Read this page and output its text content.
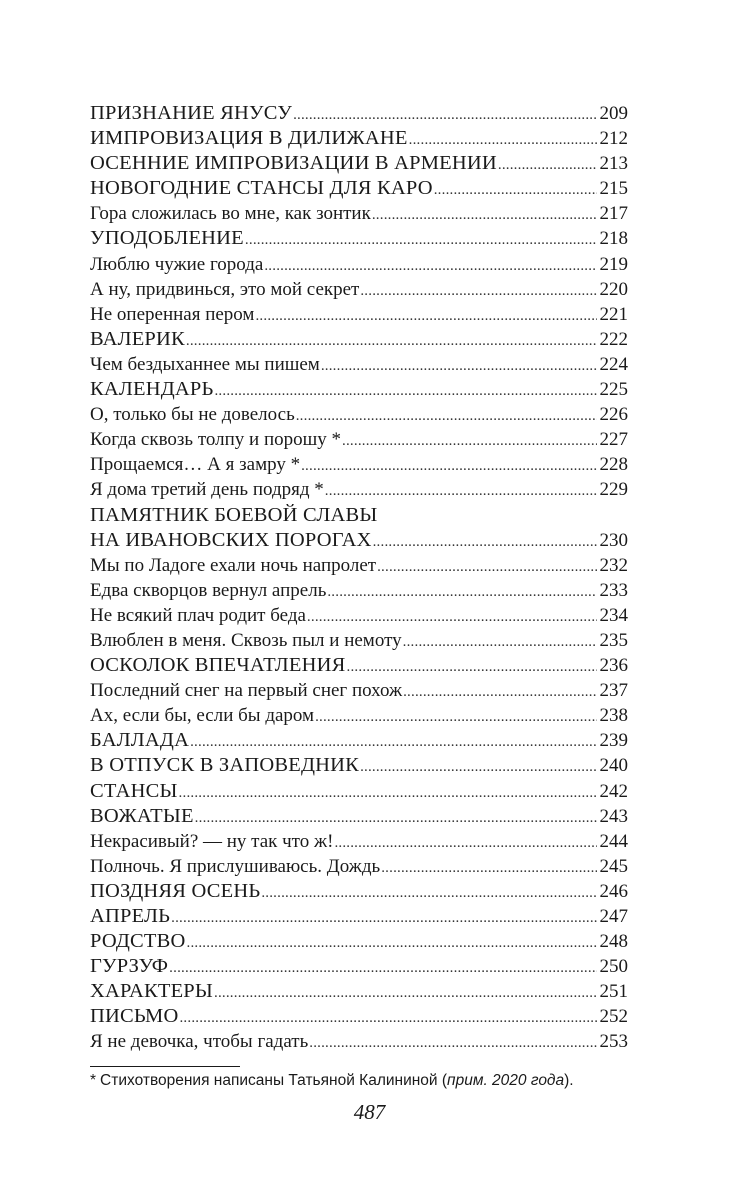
ПРИЗНАНИЕ ЯНУСУ .....	209
ИМПРОВИЗАЦИЯ В ДИЛИЖАНЕ .....	212
ОСЕННИЕ ИМПРОВИЗАЦИИ В АРМЕНИИ .....	213
НОВОГОДНИЕ СТАНСЫ ДЛЯ КАРО .....	215
Гора сложилась во мне, как зонтик .....	217
УПОДОБЛЕНИЕ .....	218
Люблю чужие города .....	219
А ну, придвинься, это мой секрет .....	220
Не оперенная пером .....	221
ВАЛЕРИК .....	222
Чем бездыханнее мы пишем .....	224
КАЛЕНДАРЬ .....	225
О, только бы не довелось .....	226
Когда сквозь толпу и порошу * .....	227
Прощаемся… А я замру * .....	228
Я дома третий день подряд * .....	229
ПАМЯТНИК БОЕВОЙ СЛАВЫ
НА ИВАНОВСКИХ ПОРОГАХ .....	230
Мы по Ладоге ехали ночь напролет .....	232
Едва скворцов вернул апрель .....	233
Не всякий плач родит беда .....	234
Влюблен в меня. Сквозь пыл и немоту .....	235
ОСКОЛОК ВПЕЧАТЛЕНИЯ .....	236
Последний снег на первый снег похож .....	237
Ах, если бы, если бы даром .....	238
БАЛЛАДА .....	239
В ОТПУСК В ЗАПОВЕДНИК .....	240
СТАНСЫ .....	242
ВОЖАТЫЕ .....	243
Некрасивый? — ну так что ж! .....	244
Полночь. Я прислушиваюсь. Дождь .....	245
ПОЗДНЯЯ ОСЕНЬ .....	246
АПРЕЛЬ .....	247
РОДСТВО .....	248
ГУРЗУФ .....	250
ХАРАКТЕРЫ .....	251
ПИСЬМО .....	252
Я не девочка, чтобы гадать .....	253
* Стихотворения написаны Татьяной Калининой (прим. 2020 года).
487
